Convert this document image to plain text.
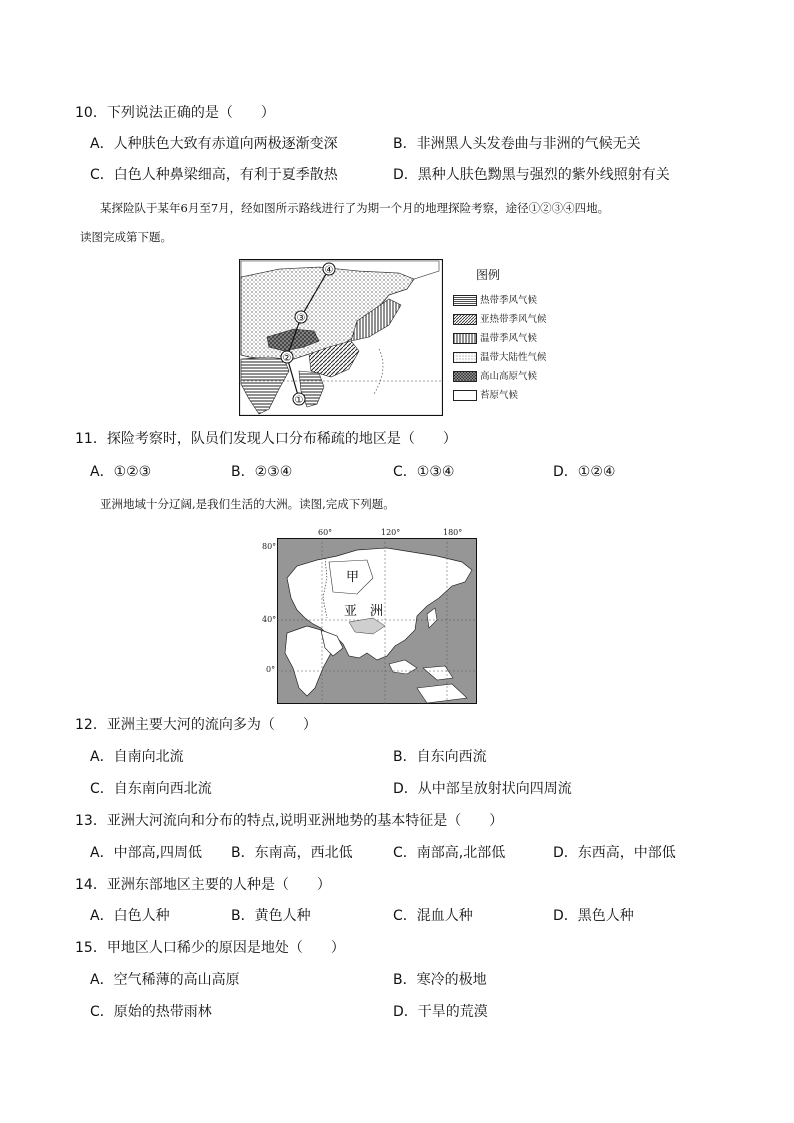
10．下列说法正确的是（　　）
A．人种肤色大致有赤道向两极逐渐变深	B．非洲黑人头发卷曲与非洲的气候无关
C．白色人种鼻梁细高，有利于夏季散热	D．黑种人肤色黝黑与强烈的紫外线照射有关
某探险队于某年6月至7月，经如图所示路线进行了为期一个月的地理探险考察，途径①②③④四地。
读图完成第下题。
①
②
③
④	图例
热带季风气候
亚热带季风气候
温带季风气候
温带大陆性气候
高山高原气候
苔原气候
11．探险考察时，队员们发现人口分布稀疏的地区是（　　）
A．①②③	B．②③④	C．①③④	D．①②④
亚洲地域十分辽阔,是我们生活的大洲。读图,完成下列题。
60°	120°	180°
80°
40°
0°
甲
亚　洲
12．亚洲主要大河的流向多为（　　）
A．自南向北流	B．自东向西流
C．自东南向西北流	D．从中部呈放射状向四周流
13．亚洲大河流向和分布的特点,说明亚洲地势的基本特征是（　　）
A．中部高,四周低 B．东南高，西北低	C．南部高,北部低	D．东西高，中部低
14．亚洲东部地区主要的人种是（　　）
A．白色人种	B．黄色人种	C．混血人种	D．黑色人种
15．甲地区人口稀少的原因是地处（　　）
A．空气稀薄的高山高原	B．寒冷的极地
C．原始的热带雨林	D．干旱的荒漠
